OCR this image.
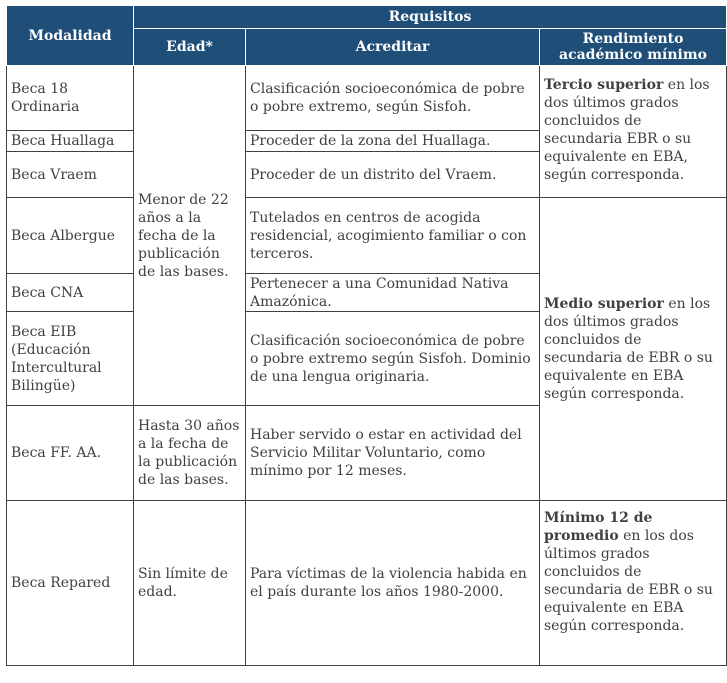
Modalidad	Requisitos		
	Edad*	Acreditar	Rendimiento académico mínimo
Beca 18 Ordinaria	Menor de 22 años a la fecha de la publicación de las bases.	Clasificación socioeconómica de pobre o pobre extremo, según Sisfoh.	Tercio superior en los dos últimos grados concluidos de secundaria EBR o su equivalente en EBA, según corresponda.
Beca Huallaga		Proceder de la zona del Huallaga.	
Beca Vraem		Proceder de un distrito del Vraem.	
Beca Albergue		Tutelados en centros de acogida residencial, acogimiento familiar o con terceros.	Medio superior en los dos últimos grados concluidos de secundaria de EBR o su equivalente en EBA según corresponda.
Beca CNA		Pertenecer a una Comunidad Nativa Amazónica.	
Beca EIB (Educación Intercultural Bilingüe)		Clasificación socioeconómica de pobre o pobre extremo según Sisfoh. Dominio de una lengua originaria.	
Beca FF. AA.	Hasta 30 años a la fecha de la publicación de las bases.	Haber servido o estar en actividad del Servicio Militar Voluntario, como mínimo por 12 meses.	
Beca Repared	Sin límite de edad.	Para víctimas de la violencia habida en el país durante los años 1980-2000.	Mínimo 12 de promedio en los dos últimos grados concluidos de secundaria de EBR o su equivalente en EBA según corresponda.
